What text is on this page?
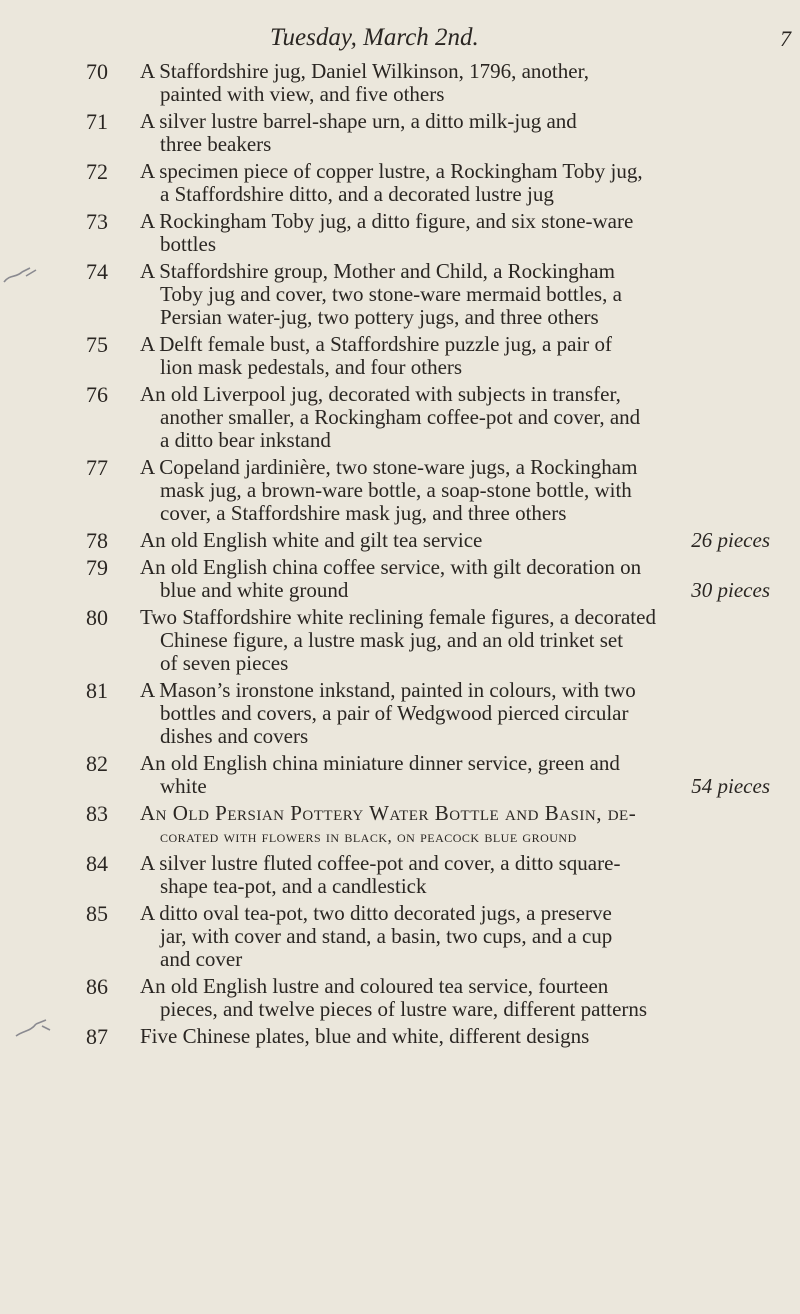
Tuesday, March 2nd.	7
70 A Staffordshire jug, Daniel Wilkinson, 1796, another,
painted with view, and five others
71 A silver lustre barrel-shape urn, a ditto milk-jug and
three beakers
72 A specimen piece of copper lustre, a Rockingham Toby jug,
a Staffordshire ditto, and a decorated lustre jug
73 A Rockingham Toby jug, a ditto figure, and six stone-ware
bottles
74 A Staffordshire group, Mother and Child, a Rockingham
Toby jug and cover, two stone-ware mermaid bottles, a
Persian water-jug, two pottery jugs, and three others
75 A Delft female bust, a Staffordshire puzzle jug, a pair of
lion mask pedestals, and four others
76 An old Liverpool jug, decorated with subjects in transfer,
another smaller, a Rockingham coffee-pot and cover, and
a ditto bear inkstand
77 A Copeland jardinière, two stone-ware jugs, a Rockingham
mask jug, a brown-ware bottle, a soap-stone bottle, with
cover, a Staffordshire mask jug, and three others
78 An old English white and gilt tea service	26 pieces
79 An old English china coffee service, with gilt decoration on
blue and white ground	30 pieces
80 Two Staffordshire white reclining female figures, a decorated
Chinese figure, a lustre mask jug, and an old trinket set
of seven pieces
81 A Mason’s ironstone inkstand, painted in colours, with two
bottles and covers, a pair of Wedgwood pierced circular
dishes and covers
82 An old English china miniature dinner service, green and
white	54 pieces
83 An Old Persian Pottery Water Bottle and Basin, de-
corated with flowers in black, on peacock blue ground
84 A silver lustre fluted coffee-pot and cover, a ditto square-
shape tea-pot, and a candlestick
85 A ditto oval tea-pot, two ditto decorated jugs, a preserve
jar, with cover and stand, a basin, two cups, and a cup
and cover
86 An old English lustre and coloured tea service, fourteen
pieces, and twelve pieces of lustre ware, different patterns
87 Five Chinese plates, blue and white, different designs
